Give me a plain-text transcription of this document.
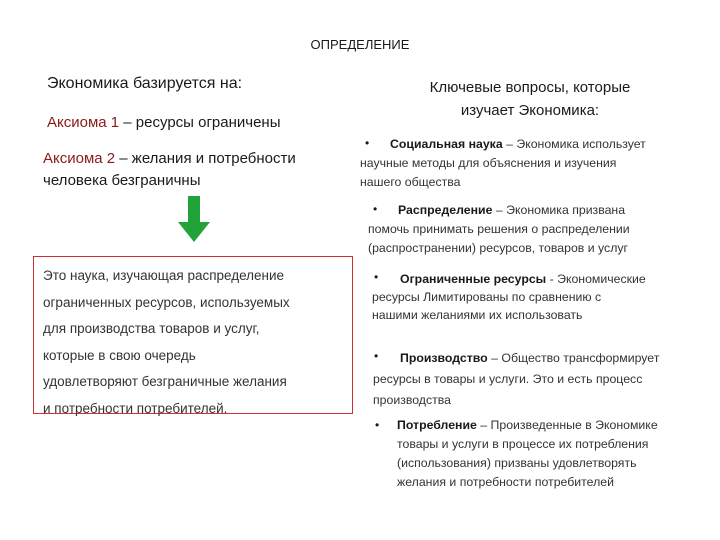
ОПРЕДЕЛЕНИЕ
Экономика базируется на:
Аксиома 1 – ресурсы ограничены
Аксиома 2 – желания и потребности
человека безграничны
Это наука, изучающая распределение
ограниченных ресурсов, используемых
для производства товаров и услуг,
которые в свою очередь
удовлетворяют безграничные желания
и потребности потребителей.
Ключевые вопросы, которые
изучает Экономика:
•	Социальная наука – Экономика использует
научные методы для объяснения и изучения
нашего общества
•	Распределение – Экономика призвана
помочь принимать решения о распределении
(распространении) ресурсов, товаров и услуг
•	Ограниченные ресурсы - Экономические
ресурсы Лимитированы по сравнению с
нашими желаниями их использовать
•	Производство – Общество трансформирует
ресурсы в товары и услуги. Это и есть процесс
производства
• Потребление – Произведенные в Экономике
товары и услуги в процессе их потребления
(использования) призваны удовлетворять
желания и потребности потребителей
